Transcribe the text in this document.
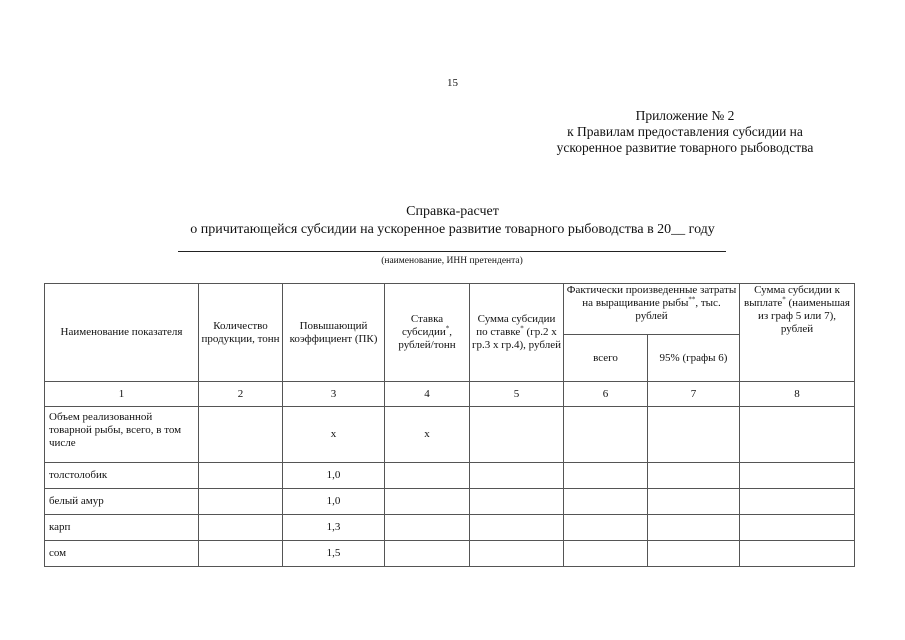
15
Приложение № 2
к Правилам предоставления субсидии на
ускоренное развитие товарного рыбоводства
Справка-расчет
о причитающейся субсидии на ускоренное развитие товарного рыбоводства в 20__ году
(наименование, ИНН претендента)
Наименование показателя	Количество продукции, тонн	Повышающий коэффициент (ПК)	Ставка субсидии*, рублей/тонн	Сумма субсидии по ставке* (гр.2 х гр.3 х гр.4), рублей	Фактически произведенные затраты на выращивание рыбы**, тыс. рублей		Сумма субсидии к выплате* (наименьшая из граф 5 или 7), рублей
					всего	95% (графы 6)	
1	2	3	4	5	6	7	8
Объем реализованной товарной рыбы, всего, в том числе		х	х				
толстолобик		1,0					
белый амур		1,0					
карп		1,3					
сом		1,5					
